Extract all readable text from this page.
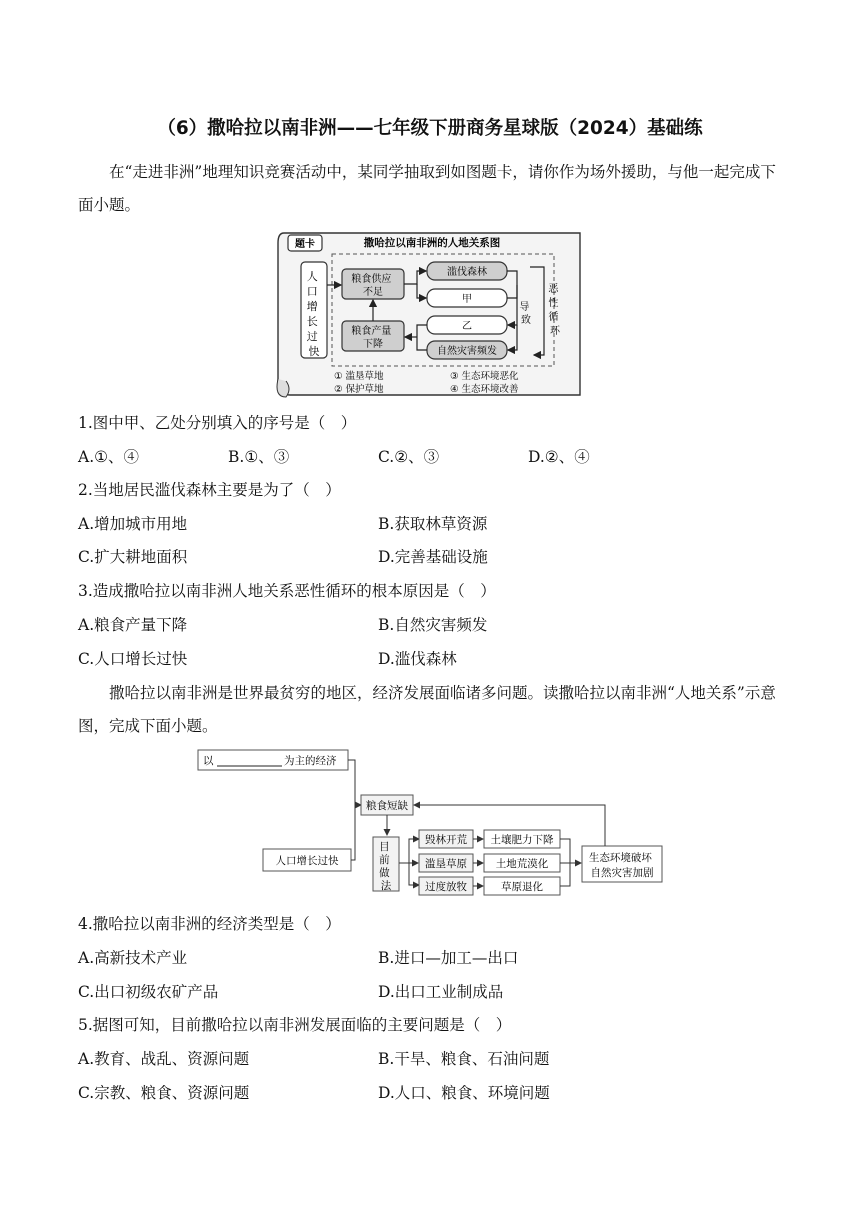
（6）撒哈拉以南非洲——七年级下册商务星球版（2024）基础练
在“走进非洲”地理知识竞赛活动中，某同学抽取到如图题卡，请你作为场外援助，与他一起完成下面小题。
题卡	撒哈拉以南非洲的人地关系图
人 口 增 长 过 快
粮食供应 不足
滥伐森林
甲
乙
自然灾害频发
粮食产量 下降
导 致
恶 性 循 环
① 滥垦草地	③ 生态环境恶化 ② 保护草地	④ 生态环境改善
1.图中甲、乙处分别填入的序号是（　）
A.①、④	B.①、③	C.②、③	D.②、④
2.当地居民滥伐森林主要是为了（　）
A.增加城市用地	B.获取林草资源
C.扩大耕地面积	D.完善基础设施
3.造成撒哈拉以南非洲人地关系恶性循环的根本原因是（　）
A.粮食产量下降	B.自然灾害频发
C.人口增长过快	D.滥伐森林
撒哈拉以南非洲是世界最贫穷的地区，经济发展面临诸多问题。读撒哈拉以南非洲“人地关系”示意图，完成下面小题。
以	为主的经济
粮食短缺
人口增长过快
目 前 做 法
毁林开荒
滥垦草原
过度放牧
土壤肥力下降
土地荒漠化
草原退化
生态环境破坏 自然灾害加剧
4.撒哈拉以南非洲的经济类型是（　）
A.高新技术产业	B.进口—加工—出口
C.出口初级农矿产品	D.出口工业制成品
5.据图可知，目前撒哈拉以南非洲发展面临的主要问题是（　）
A.教育、战乱、资源问题	B.干旱、粮食、石油问题
C.宗教、粮食、资源问题	D.人口、粮食、环境问题
